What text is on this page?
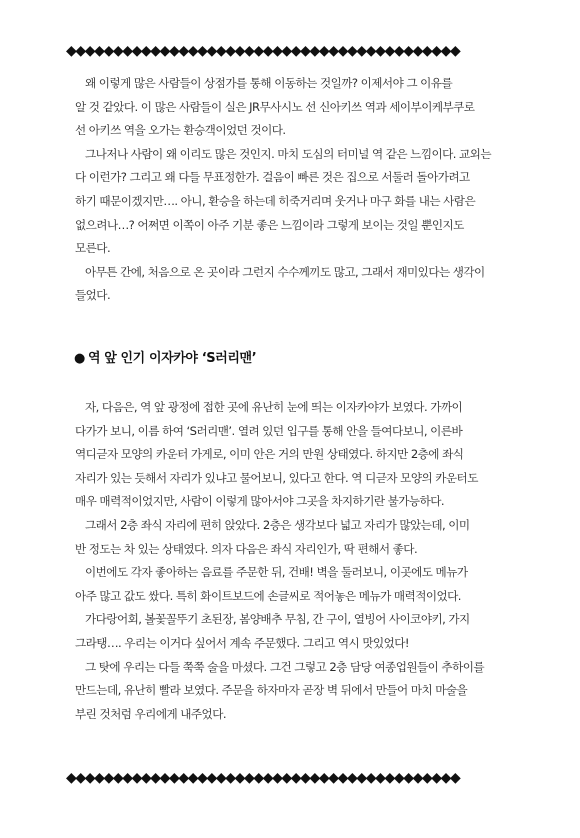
◆◆◆◆◆◆◆◆◆◆◆◆◆◆◆◆◆◆◆◆◆◆◆◆◆◆◆◆◆◆◆◆◆◆◆◆◆◆◆◆◆◆
왜 이렇게 많은 사람들이 상점가를 통해 이동하는 것일까? 이제서야 그 이유를
알 것 같았다. 이 많은 사람들이 실은 JR무사시노 선 신아키쓰 역과 세이부이케부쿠로
선 아키쓰 역을 오가는 환승객이었던 것이다.
그나저나 사람이 왜 이리도 많은 것인지. 마치 도심의 터미널 역 같은 느낌이다. 교외는
다 이런가? 그리고 왜 다들 무표정한가. 걸음이 빠른 것은 집으로 서둘러 돌아가려고
하기 때문이겠지만…. 아니, 환승을 하는데 히죽거리며 웃거나 마구 화를 내는 사람은
없으려나…? 어쩌면 이쪽이 아주 기분 좋은 느낌이라 그렇게 보이는 것일 뿐인지도
모른다.
아무튼 간에, 처음으로 온 곳이라 그런지 수수께끼도 많고, 그래서 재미있다는 생각이
들었다.
● 역 앞 인기 이자카야 ‘S러리맨’
자, 다음은, 역 앞 광정에 접한 곳에 유난히 눈에 띄는 이자카야가 보였다. 가까이
다가가 보니, 이름 하여 ‘S러리맨’. 열려 있던 입구를 통해 안을 들여다보니, 이른바
역디귿자 모양의 카운터 가게로, 이미 안은 거의 만원 상태였다. 하지만 2층에 좌식
자리가 있는 듯해서 자리가 있냐고 물어보니, 있다고 한다. 역 디귿자 모양의 카운터도
매우 매력적이었지만, 사람이 이렇게 많아서야 그곳을 차지하기란 불가능하다.
그래서 2층 좌식 자리에 편히 앉았다. 2층은 생각보다 넓고 자리가 많았는데, 이미
반 정도는 차 있는 상태였다. 의자 다음은 좌식 자리인가, 딱 편해서 좋다.
이번에도 각자 좋아하는 음료를 주문한 뒤, 건배! 벽을 둘러보니, 이곳에도 메뉴가
아주 많고 값도 쌌다. 특히 화이트보드에 손글씨로 적어놓은 메뉴가 매력적이었다.
가다랑어회, 볼꽃꼴뚜기 초된장, 봄양배추 무침, 간 구이, 열빙어 사이코야키, 가지
그라탱…. 우리는 이거다 싶어서 계속 주문했다. 그리고 역시 맛있었다!
그 탓에 우리는 다들 쭉쭉 술을 마셨다. 그건 그렇고 2층 담당 여종업원들이 추하이를
만드는데, 유난히 빨라 보였다. 주문을 하자마자 곧장 벽 뒤에서 만들어 마치 마술을
부린 것처럼 우리에게 내주었다.
◆◆◆◆◆◆◆◆◆◆◆◆◆◆◆◆◆◆◆◆◆◆◆◆◆◆◆◆◆◆◆◆◆◆◆◆◆◆◆◆◆◆
